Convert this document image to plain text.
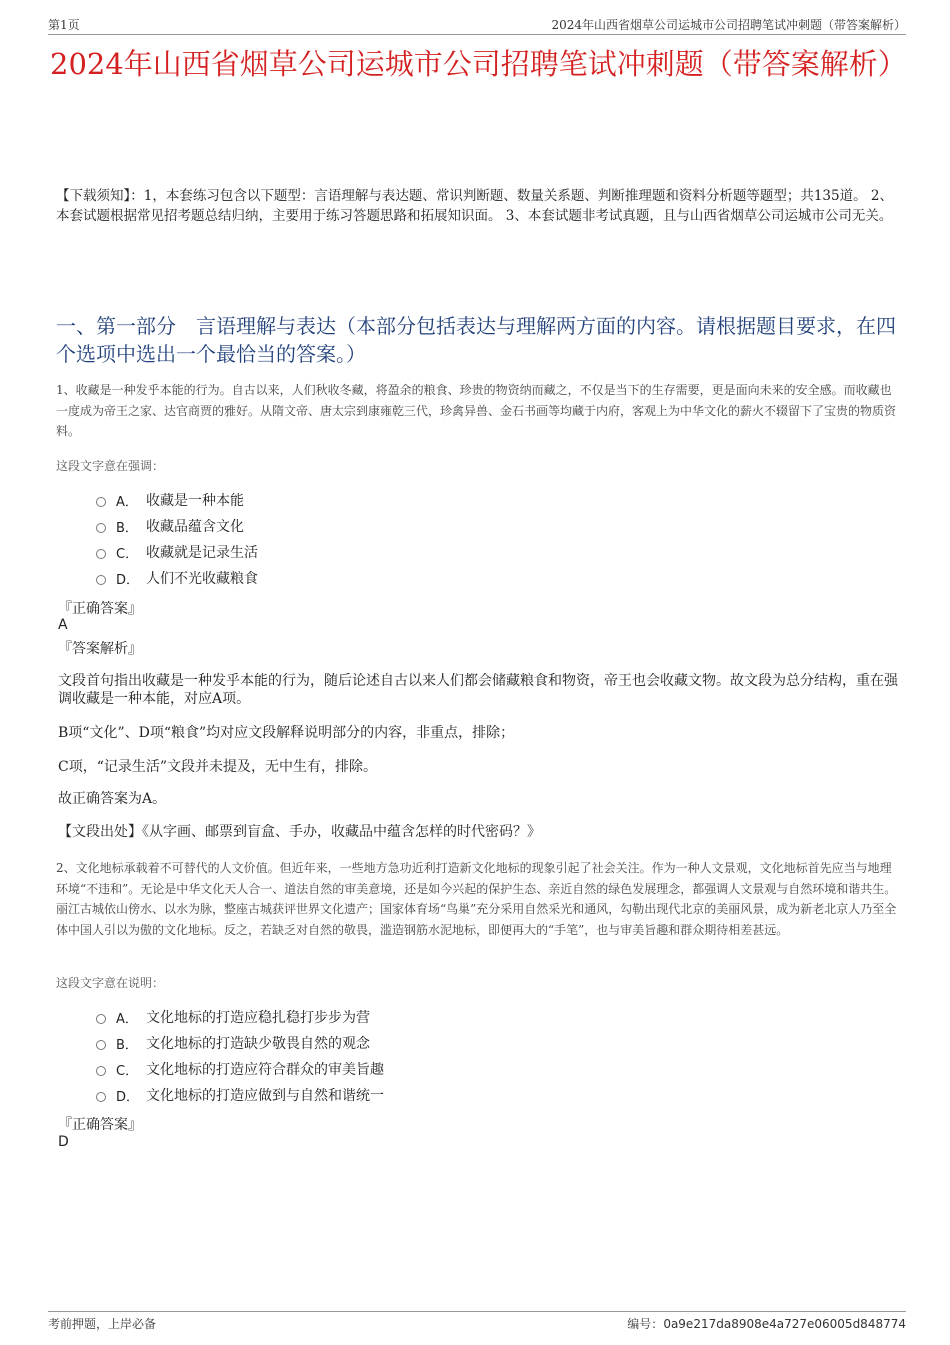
第1页	2024年山西省烟草公司运城市公司招聘笔试冲刺题（带答案解析）
2024年山西省烟草公司运城市公司招聘笔试冲刺题（带答案解析）
【下载须知】：1，本套练习包含以下题型：言语理解与表达题、常识判断题、数量关系题、判断推理题和资料分析题等题型；共135道。 2、本套试题根据常见招考题总结归纳，主要用于练习答题思路和拓展知识面。 3、本套试题非考试真题，且与山西省烟草公司运城市公司无关。
一、第一部分　言语理解与表达（本部分包括表达与理解两方面的内容。请根据题目要求，在四个选项中选出一个最恰当的答案。）
1、收藏是一种发乎本能的行为。自古以来，人们秋收冬藏，将盈余的粮食、珍贵的物资纳而藏之，不仅是当下的生存需要，更是面向未来的安全感。而收藏也一度成为帝王之家、达官商贾的雅好。从隋文帝、唐太宗到康雍乾三代，珍禽异兽、金石书画等均藏于内府，客观上为中华文化的薪火不辍留下了宝贵的物质资料。
这段文字意在强调：
A． 收藏是一种本能
B． 收藏品蕴含文化
C． 收藏就是记录生活
D． 人们不光收藏粮食
『正确答案』
A
『答案解析』
文段首句指出收藏是一种发乎本能的行为，随后论述自古以来人们都会储藏粮食和物资，帝王也会收藏文物。故文段为总分结构，重在强调收藏是一种本能，对应A项。
B项“文化”、D项“粮食”均对应文段解释说明部分的内容，非重点，排除；
C项，“记录生活”文段并未提及，无中生有，排除。
故正确答案为A。
【文段出处】《从字画、邮票到盲盒、手办，收藏品中蕴含怎样的时代密码？》
2、文化地标承载着不可替代的人文价值。但近年来，一些地方急功近利打造新文化地标的现象引起了社会关注。作为一种人文景观，文化地标首先应当与地理环境“不违和”。无论是中华文化天人合一、道法自然的审美意境，还是如今兴起的保护生态、亲近自然的绿色发展理念，都强调人文景观与自然环境和谐共生。丽江古城依山傍水、以水为脉，整座古城获评世界文化遗产；国家体育场“鸟巢”充分采用自然采光和通风，勾勒出现代北京的美丽风景，成为新老北京人乃至全体中国人引以为傲的文化地标。反之，若缺乏对自然的敬畏，滥造钢筋水泥地标，即便再大的“手笔”，也与审美旨趣和群众期待相差甚远。
这段文字意在说明：
A． 文化地标的打造应稳扎稳打步步为营
B． 文化地标的打造缺少敬畏自然的观念
C． 文化地标的打造应符合群众的审美旨趣
D． 文化地标的打造应做到与自然和谐统一
『正确答案』
D
考前押题，上岸必备	编号：0a9e217da8908e4a727e06005d848774
